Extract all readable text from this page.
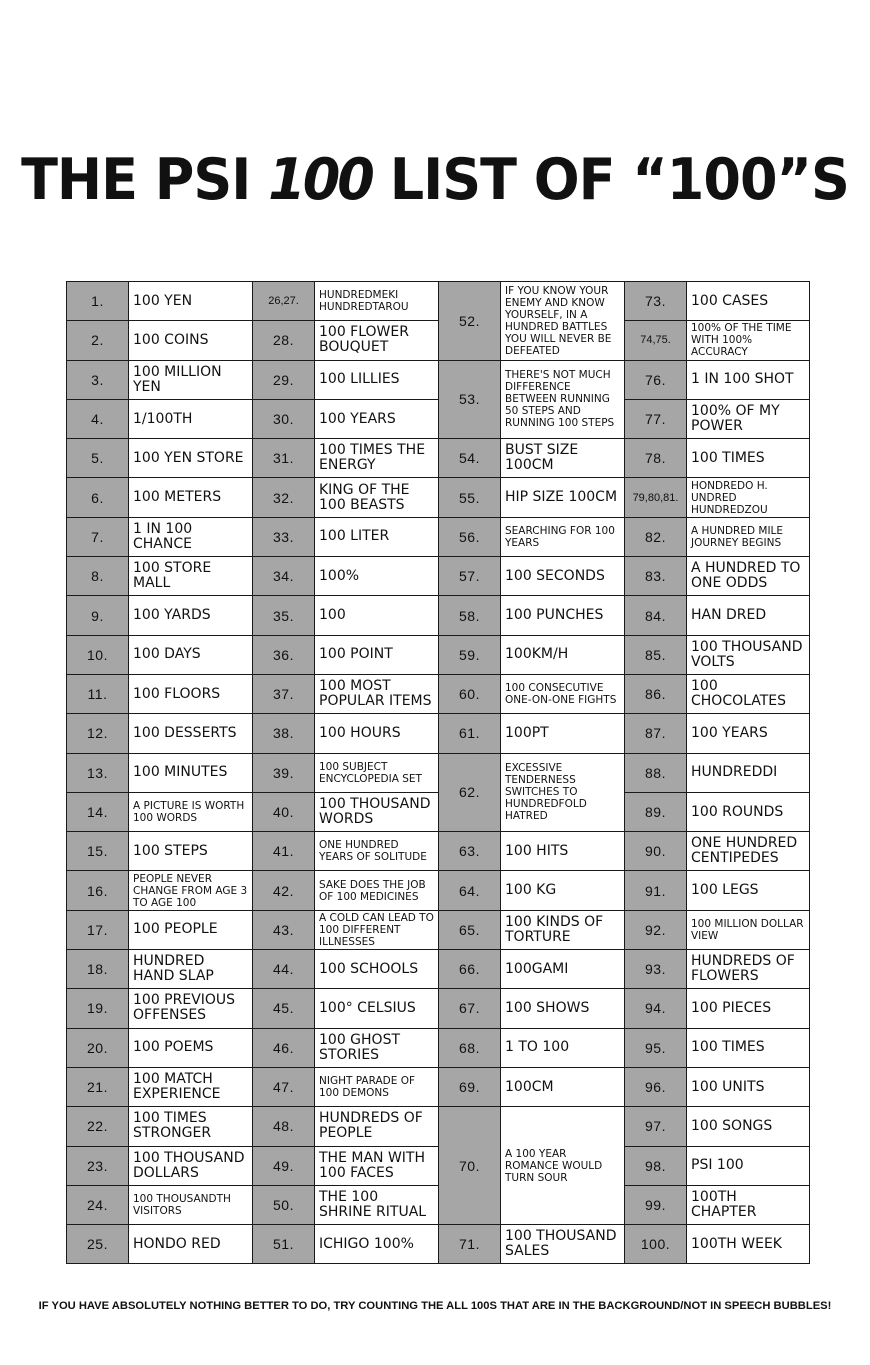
THE PSI 100 LIST OF “100”S
1.	100 YEN	26,27.	HUNDREDMEKI HUNDREDTAROU	52.	IF YOU KNOW YOUR ENEMY AND KNOW YOURSELF, IN A HUNDRED BATTLES YOU WILL NEVER BE DEFEATED	73.	100 CASES
2.	100 COINS	28.	100 FLOWER BOUQUET			74,75.	100% OF THE TIME WITH 100% ACCURACY
3.	100 MILLION YEN	29.	100 LILLIES	53.	THERE'S NOT MUCH DIFFERENCE BETWEEN RUNNING 50 STEPS AND RUNNING 100 STEPS	76.	1 IN 100 SHOT
4.	1/100TH	30.	100 YEARS			77.	100% OF MY POWER
5.	100 YEN STORE	31.	100 TIMES THE ENERGY	54.	BUST SIZE 100CM	78.	100 TIMES
6.	100 METERS	32.	KING OF THE 100 BEASTS	55.	HIP SIZE 100CM	79,80,81.	HONDREDO H. UNDRED HUNDREDZOU
7.	1 IN 100 CHANCE	33.	100 LITER	56.	SEARCHING FOR 100 YEARS	82.	A HUNDRED MILE JOURNEY BEGINS
8.	100 STORE MALL	34.	100%	57.	100 SECONDS	83.	A HUNDRED TO ONE ODDS
9.	100 YARDS	35.	100	58.	100 PUNCHES	84.	HAN DRED
10.	100 DAYS	36.	100 POINT	59.	100KM/H	85.	100 THOUSAND VOLTS
11.	100 FLOORS	37.	100 MOST POPULAR ITEMS	60.	100 CONSECUTIVE ONE-ON-ONE FIGHTS	86.	100 CHOCOLATES
12.	100 DESSERTS	38.	100 HOURS	61.	100PT	87.	100 YEARS
13.	100 MINUTES	39.	100 SUBJECT ENCYCLOPEDIA SET	62.	EXCESSIVE TENDERNESS SWITCHES TO HUNDREDFOLD HATRED	88.	HUNDREDDI
14.	A PICTURE IS WORTH 100 WORDS	40.	100 THOUSAND WORDS			89.	100 ROUNDS
15.	100 STEPS	41.	ONE HUNDRED YEARS OF SOLITUDE	63.	100 HITS	90.	ONE HUNDRED CENTIPEDES
16.	PEOPLE NEVER CHANGE FROM AGE 3 TO AGE 100	42.	SAKE DOES THE JOB OF 100 MEDICINES	64.	100 KG	91.	100 LEGS
17.	100 PEOPLE	43.	A COLD CAN LEAD TO 100 DIFFERENT ILLNESSES	65.	100 KINDS OF TORTURE	92.	100 MILLION DOLLAR VIEW
18.	HUNDRED HAND SLAP	44.	100 SCHOOLS	66.	100GAMI	93.	HUNDREDS OF FLOWERS
19.	100 PREVIOUS OFFENSES	45.	100° CELSIUS	67.	100 SHOWS	94.	100 PIECES
20.	100 POEMS	46.	100 GHOST STORIES	68.	1 TO 100	95.	100 TIMES
21.	100 MATCH EXPERIENCE	47.	NIGHT PARADE OF 100 DEMONS	69.	100CM	96.	100 UNITS
22.	100 TIMES STRONGER	48.	HUNDREDS OF PEOPLE	70.	A 100 YEAR ROMANCE WOULD TURN SOUR	97.	100 SONGS
23.	100 THOUSAND DOLLARS	49.	THE MAN WITH 100 FACES			98.	PSI 100
24.	100 THOUSANDTH VISITORS	50.	THE 100 SHRINE RITUAL			99.	100TH CHAPTER
25.	HONDO RED	51.	ICHIGO 100%	71.	100 THOUSAND SALES	100.	100TH WEEK
IF YOU HAVE ABSOLUTELY NOTHING BETTER TO DO, TRY COUNTING THE ALL 100S THAT ARE IN THE BACKGROUND/NOT IN SPEECH BUBBLES!
